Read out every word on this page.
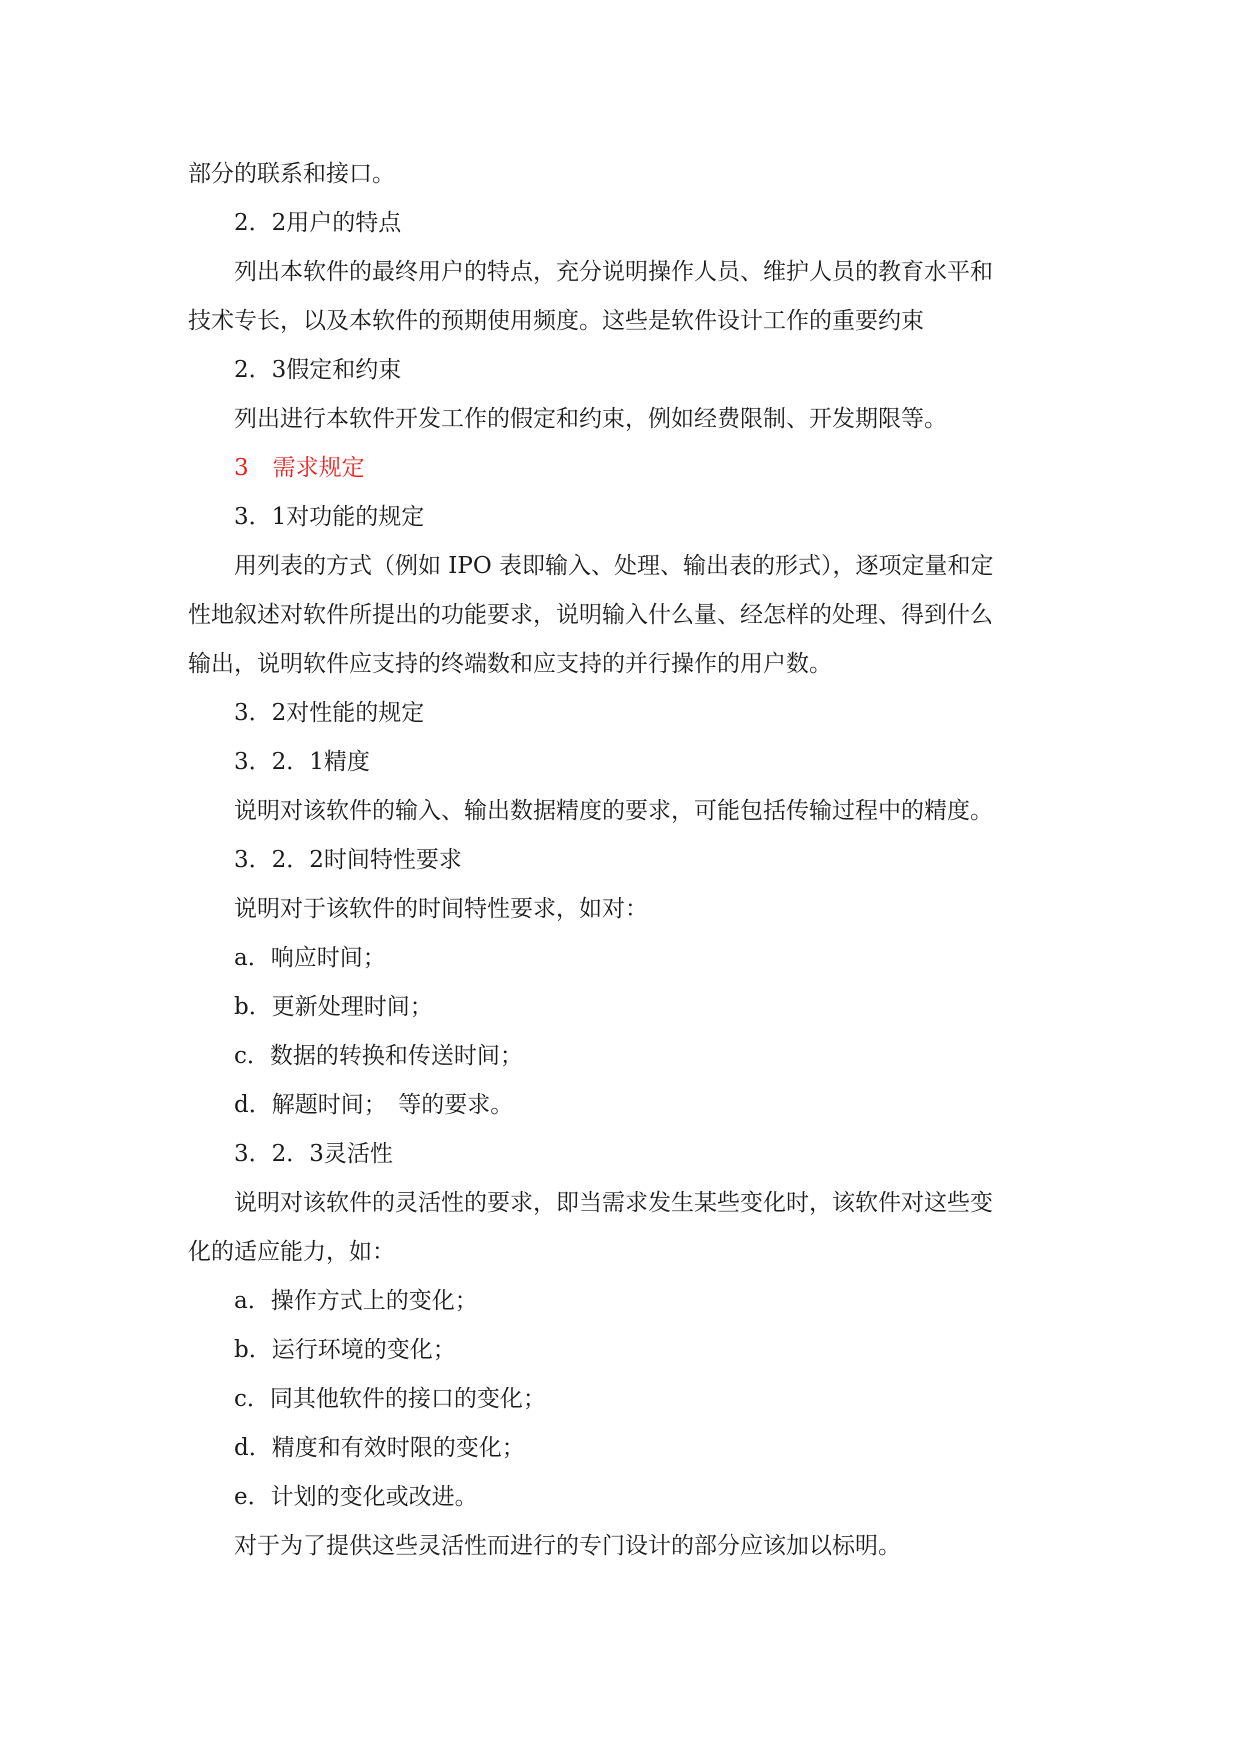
部分的联系和接口。
2．2用户的特点
列出本软件的最终用户的特点，充分说明操作人员、维护人员的教育水平和
技术专长，以及本软件的预期使用频度。这些是软件设计工作的重要约束
2．3假定和约束
列出进行本软件开发工作的假定和约束，例如经费限制、开发期限等。
3 需求规定
3．1对功能的规定
用列表的方式（例如 IPO 表即输入、处理、输出表的形式），逐项定量和定
性地叙述对软件所提出的功能要求，说明输入什么量、经怎样的处理、得到什么
输出，说明软件应支持的终端数和应支持的并行操作的用户数。
3．2对性能的规定
3．2．1精度
说明对该软件的输入、输出数据精度的要求，可能包括传输过程中的精度。
3．2．2时间特性要求
说明对于该软件的时间特性要求，如对：
a．响应时间；
b．更新处理时间；
c．数据的转换和传送时间；
d．解题时间；　等的要求。
3．2．3灵活性
说明对该软件的灵活性的要求，即当需求发生某些变化时，该软件对这些变
化的适应能力，如：
a．操作方式上的变化；
b．运行环境的变化；
c．同其他软件的接口的变化；
d．精度和有效时限的变化；
e．计划的变化或改进。
对于为了提供这些灵活性而进行的专门设计的部分应该加以标明。
